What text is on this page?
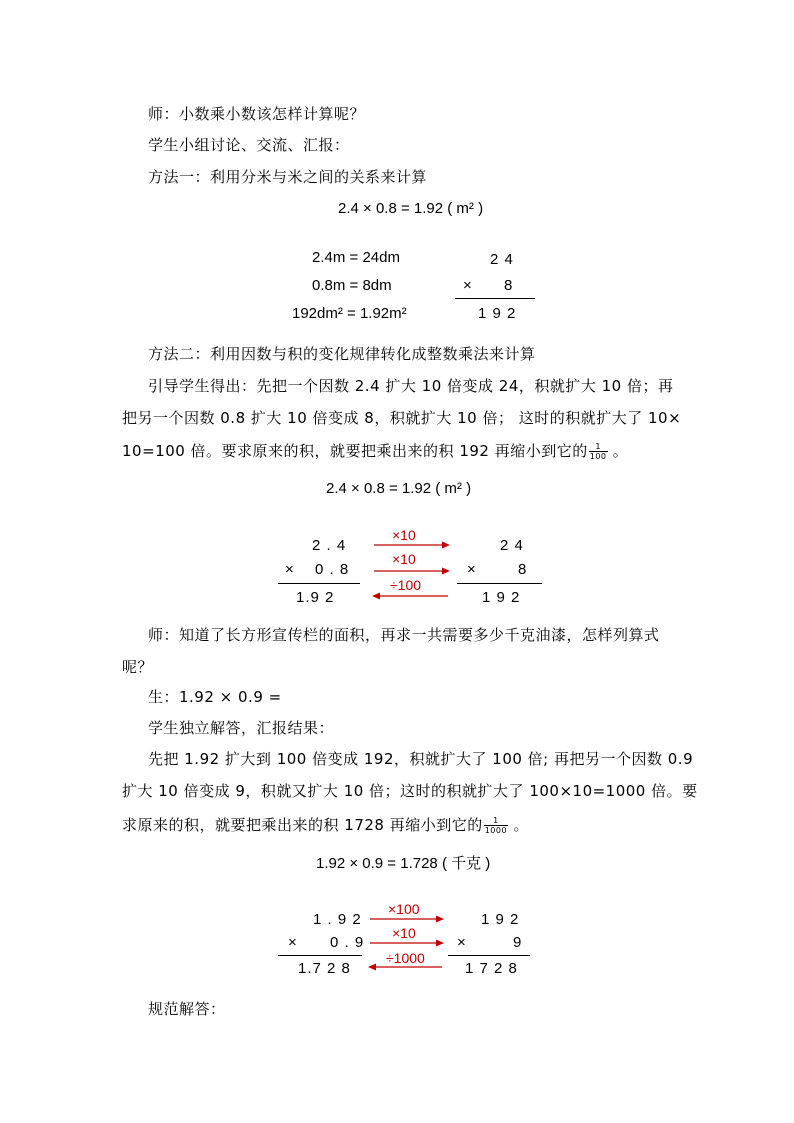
师：小数乘小数该怎样计算呢？
学生小组讨论、交流、汇报：
方法一：利用分米与米之间的关系来计算
2.4 × 0.8 = 1.92 ( m² )
2.4m = 24dm
0.8m = 8dm
192dm² = 1.92m²
2 4
× 8
1 9 2
方法二：利用因数与积的变化规律转化成整数乘法来计算
引导学生得出：先把一个因数 2.4 扩大 10 倍变成 24，积就扩大 10 倍；再
把另一个因数 0.8 扩大 10 倍变成 8，积就扩大 10 倍； 这时的积就扩大了 10×
10=100 倍。要求原来的积，就要把乘出来的积 192 再缩小到它的 $\frac{1}{100}$ 。
2.4 × 0.8 = 1.92 ( m² )
2 . 4
× 0 . 8
1.9 2
×10
×10
÷100
2 4
×	8
1 9 2
师：知道了长方形宣传栏的面积，再求一共需要多少千克油漆，怎样列算式
呢？
生：1.92 × 0.9 =
学生独立解答，汇报结果：
先把 1.92 扩大到 100 倍变成 192，积就扩大了 100 倍; 再把另一个因数 0.9
扩大 10 倍变成 9，积就又扩大 10 倍；这时的积就扩大了 100×10=1000 倍。要
求原来的积，就要把乘出来的积 1728 再缩小到它的 $\frac{1}{1000}$ 。
1.92 × 0.9 = 1.728 ( 千克 )
1 . 9 2
× 0 . 9
1.7 2 8
×100
×10
÷1000
1 9 2
×	9
1 7 2 8
规范解答：
